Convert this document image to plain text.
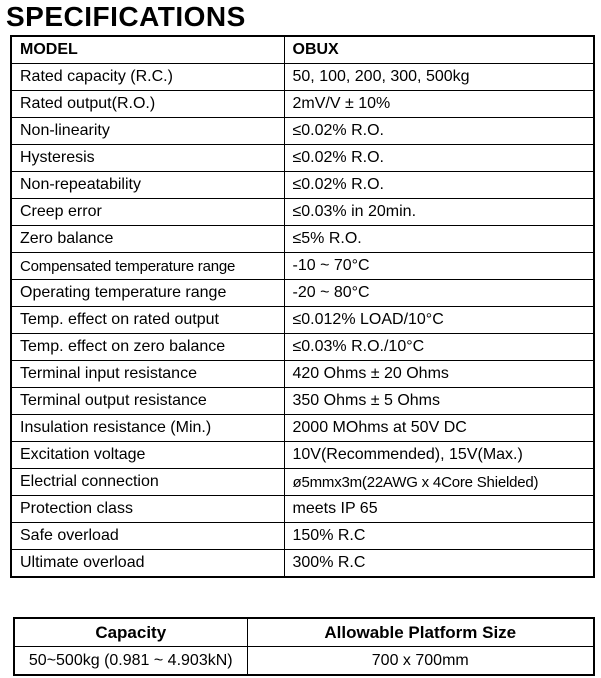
SPECIFICATIONS
MODEL	OBUX
Rated capacity (R.C.)	50, 100, 200, 300, 500kg
Rated output(R.O.)	2mV/V ± 10%
Non-linearity	≤0.02% R.O.
Hysteresis	≤0.02% R.O.
Non-repeatability	≤0.02% R.O.
Creep error	≤0.03% in 20min.
Zero balance	≤5% R.O.
Compensated temperature range	-10 ~ 70°C
Operating temperature range	-20 ~ 80°C
Temp. effect on rated output	≤0.012% LOAD/10°C
Temp. effect on zero balance	≤0.03% R.O./10°C
Terminal input resistance	420 Ohms ± 20 Ohms
Terminal output resistance	350 Ohms ± 5 Ohms
Insulation resistance (Min.)	2000 MOhms at 50V DC
Excitation voltage	10V(Recommended), 15V(Max.)
Electrial connection	ø5mmx3m(22AWG x 4Core Shielded)
Protection class	meets IP 65
Safe overload	150% R.C
Ultimate overload	300% R.C
Capacity	Allowable Platform Size
50~500kg (0.981 ~ 4.903kN)	700 x 700mm
